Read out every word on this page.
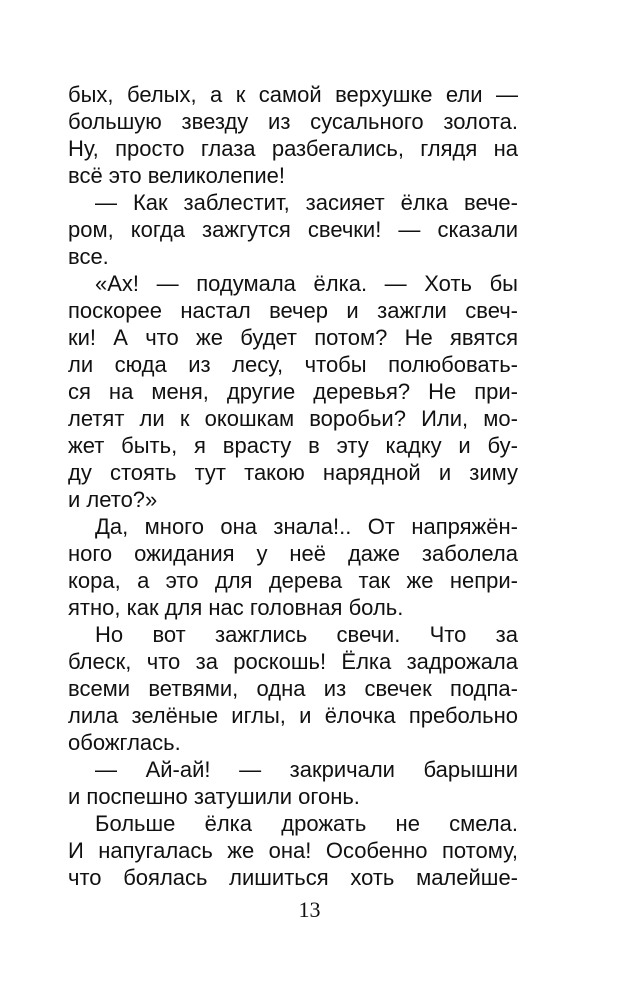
бых, белых, а к самой верхушке ели —
большую звезду из сусального золота.
Ну, просто глаза разбегались, глядя на
всё это великолепие!
— Как заблестит, засияет ёлка вече-
ром, когда зажгутся свечки! — сказали
все.
«Ах! — подумала ёлка. — Хоть бы
поскорее настал вечер и зажгли свеч-
ки! А что же будет потом? Не явятся
ли сюда из лесу, чтобы полюбовать-
ся на меня, другие деревья? Не при-
летят ли к окошкам воробьи? Или, мо-
жет быть, я врасту в эту кадку и бу-
ду стоять тут такою нарядной и зиму
и лето?»
Да, много она знала!.. От напряжён-
ного ожидания у неё даже заболела
кора, а это для дерева так же непри-
ятно, как для нас головная боль.
Но вот зажглись свечи. Что за
блеск, что за роскошь! Ёлка задрожала
всеми ветвями, одна из свечек подпа-
лила зелёные иглы, и ёлочка пребольно
обожглась.
— Ай-ай! — закричали барышни
и поспешно затушили огонь.
Больше ёлка дрожать не смела.
И напугалась же она! Особенно потому,
что боялась лишиться хоть малейше-
13
